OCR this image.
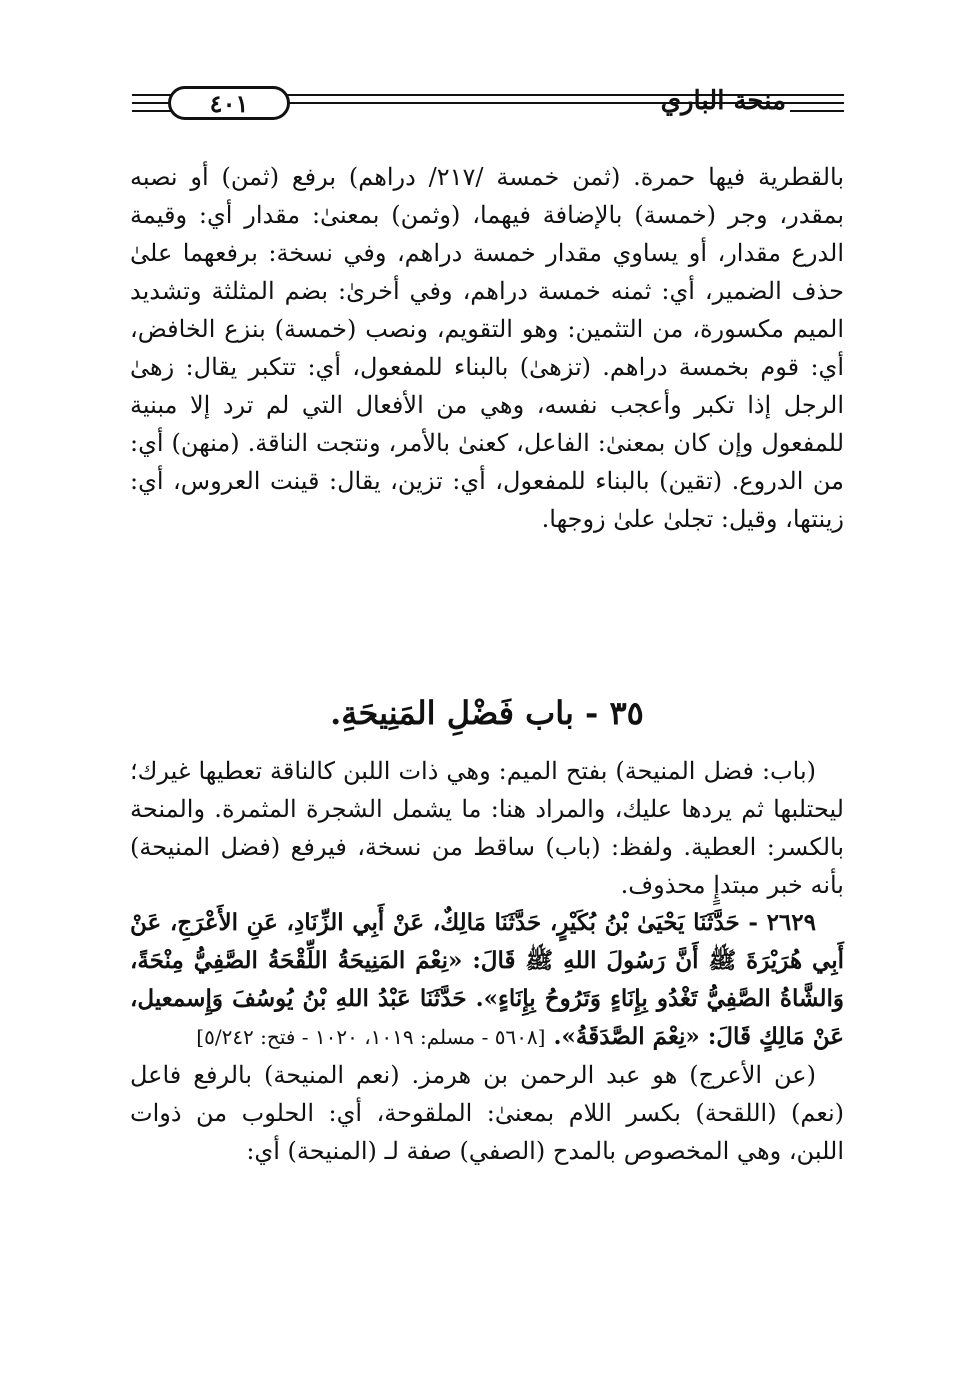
٤٠١	منحة الباري

بالقطرية فيها حمرة. (ثمن خمسة /٢١٧/ دراهم) برفع (ثمن) أو نصبه بمقدر، وجر (خمسة) بالإضافة فيهما، (وثمن) بمعنىٰ: مقدار أي: وقيمة الدرع مقدار، أو يساوي مقدار خمسة دراهم، وفي نسخة: برفعهما علىٰ حذف الضمير، أي: ثمنه خمسة دراهم، وفي أخرىٰ: بضم المثلثة وتشديد الميم مكسورة، من التثمين: وهو التقويم، ونصب (خمسة) بنزع الخافض، أي: قوم بخمسة دراهم. (تزهىٰ) بالبناء للمفعول، أي: تتكبر يقال: زهىٰ الرجل إذا تكبر وأعجب نفسه، وهي من الأفعال التي لم ترد إلا مبنية للمفعول وإن كان بمعنىٰ: الفاعل، كعنىٰ بالأمر، ونتجت الناقة. (منهن) أي: من الدروع. (تقين) بالبناء للمفعول، أي: تزين، يقال: قينت العروس، أي: زينتها، وقيل: تجلىٰ علىٰ زوجها.

٣٥ - باب فَضْلِ المَنِيحَةِ.

(باب: فضل المنيحة) بفتح الميم: وهي ذات اللبن كالناقة تعطيها غيرك؛ ليحتلبها ثم يردها عليك، والمراد هنا: ما يشمل الشجرة المثمرة. والمنحة بالكسر: العطية. ولفظ: (باب) ساقط من نسخة، فيرفع (فضل المنيحة) بأنه خبر مبتدإٍ محذوف.

٢٦٢٩ - حَدَّثَنَا يَحْيَىٰ بْنُ بُكَيْرٍ، حَدَّثَنَا مَالِكٌ، عَنْ أَبِي الزِّنَادِ، عَنِ الأَعْرَجِ، عَنْ أَبِي هُرَيْرَةَ ﷺ أَنَّ رَسُولَ اللهِ ﷺ قَالَ: «نِعْمَ المَنِيحَةُ اللِّقْحَةُ الصَّفِيُّ مِنْحَةً، وَالشَّاةُ الصَّفِيُّ تَغْدُو بِإِنَاءٍ وَتَرُوحُ بِإِنَاءٍ». حَدَّثَنَا عَبْدُ اللهِ بْنُ يُوسُفَ وَإِسمعيل، عَنْ مَالِكٍ قَالَ: «نِعْمَ الصَّدَقَةُ». [٥٦٠٨ - مسلم: ١٠١٩، ١٠٢٠ - فتح: ٥/٢٤٢]

(عن الأعرج) هو عبد الرحمن بن هرمز. (نعم المنيحة) بالرفع فاعل (نعم) (اللقحة) بكسر اللام بمعنىٰ: الملقوحة، أي: الحلوب من ذوات اللبن، وهي المخصوص بالمدح (الصفي) صفة لـ (المنيحة) أي:
